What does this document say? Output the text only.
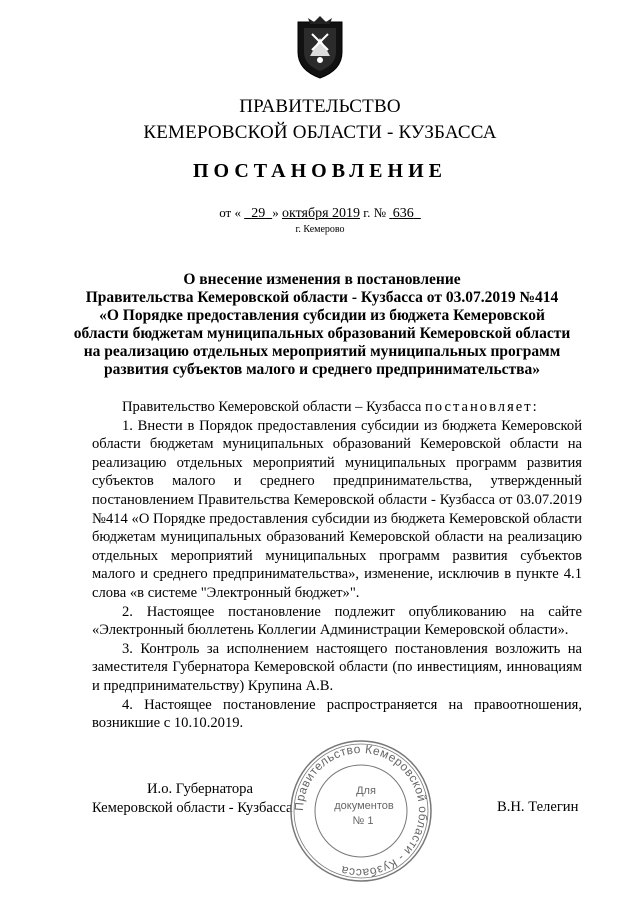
ПРАВИТЕЛЬСТВО
КЕМЕРОВСКОЙ ОБЛАСТИ - КУЗБАССА
ПОСТАНОВЛЕНИЕ
от « 29 » октября 2019 г. № 636
г. Кемерово
О внесение изменения в постановление
Правительства Кемеровской области - Кузбасса от 03.07.2019 №414
«О Порядке предоставления субсидии из бюджета Кемеровской
области бюджетам муниципальных образований Кемеровской области
на реализацию отдельных мероприятий муниципальных программ
развития субъектов малого и среднего предпринимательства»

Правительство Кемеровской области – Кузбасса постановляет:

1. Внести в Порядок предоставления субсидии из бюджета Кемеровской области бюджетам муниципальных образований Кемеровской области на реализацию отдельных мероприятий муниципальных программ развития субъектов малого и среднего предпринимательства, утвержденный постановлением Правительства Кемеровской области - Кузбасса от 03.07.2019 №414 «О Порядке предоставления субсидии из бюджета Кемеровской области бюджетам муниципальных образований Кемеровской области на реализацию отдельных мероприятий муниципальных программ развития субъектов малого и среднего предпринимательства», изменение, исключив в пункте 4.1 слова «в системе "Электронный бюджет»".

2. Настоящее постановление подлежит опубликованию на сайте «Электронный бюллетень Коллегии Администрации Кемеровской области».

3. Контроль за исполнением настоящего постановления возложить на заместителя Губернатора Кемеровской области (по инвестициям, инновациям и предпринимательству) Крупина А.В.

4. Настоящее постановление распространяется на правоотношения, возникшие с 10.10.2019.

И.о. Губернатора
Кемеровской области - Кузбасса	В.Н. Телегин
Правительство Кемеровской области - Кузбасса
Для
документов
№ 1
